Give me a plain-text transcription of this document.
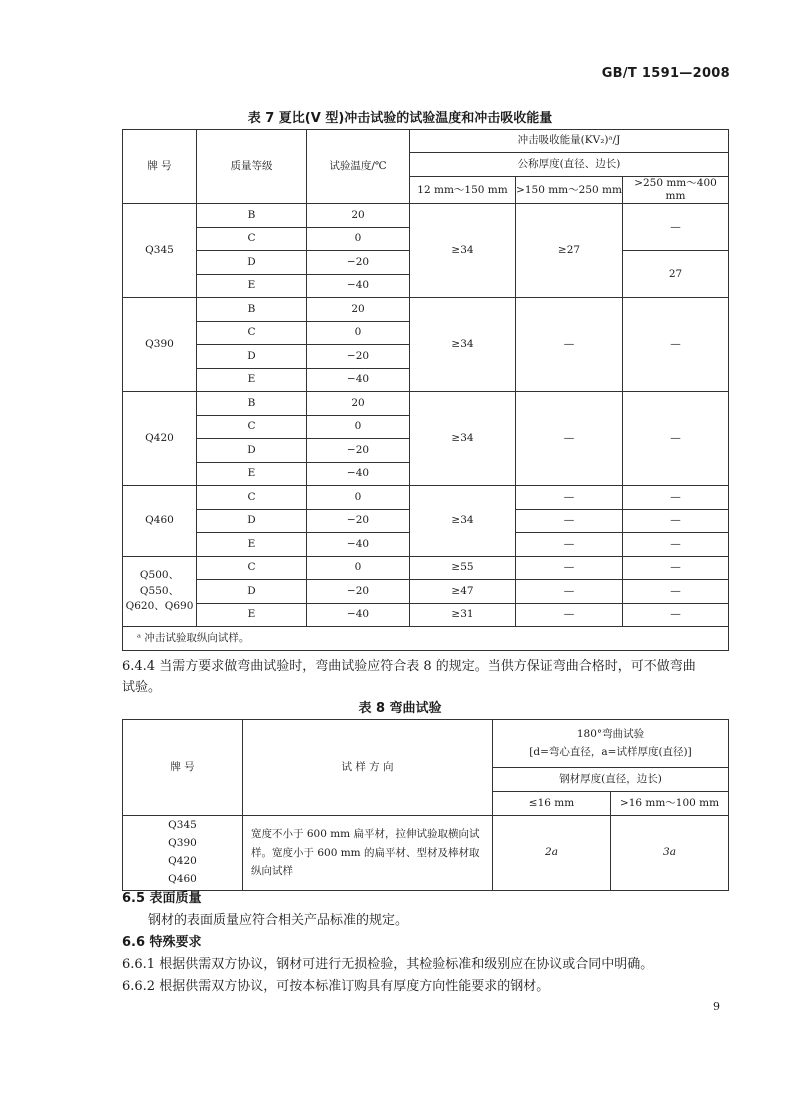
GB/T 1591—2008
表 7 夏比(V 型)冲击试验的试验温度和冲击吸收能量
牌 号	质量等级	试验温度/℃	冲击吸收能量(KV₂)ᵃ/J		
			公称厚度(直径、边长)		
			12 mm～150 mm	>150 mm～250 mm	>250 mm～400 mm
Q345	B	20	≥34	≥27	—
	C	0			
	D	−20			27
	E	−40			
Q390	B	20	≥34	—	—
	C	0			
	D	−20			
	E	−40			
Q420	B	20	≥34	—	—
	C	0			
	D	−20			
	E	−40			
Q460	C	0	≥34	—	—
	D	−20		—	—
	E	−40		—	—

Q500、Q550、
Q620、Q690	C	0	≥55	—	—
	D	−20	≥47	—	—
	E	−40	≥31	—	—
ᵃ 冲击试验取纵向试样。					
6.4.4 当需方要求做弯曲试验时，弯曲试验应符合表 8 的规定。当供方保证弯曲合格时，可不做弯曲
试验。
表 8 弯曲试验
牌 号	试 样 方 向	180°弯曲试验
[d=弯心直径，a=试样厚度(直径)]	

		钢材厚度(直径，边长)	
		≤16 mm	>16 mm～100 mm

Q345
Q390
Q420
Q460	宽度不小于 600 mm 扁平材，拉伸试验取横向试样。宽度小于 600 mm 的扁平材、型材及棒材取纵向试样	2a	3a
6.5 表面质量
钢材的表面质量应符合相关产品标准的规定。
6.6 特殊要求
6.6.1 根据供需双方协议，钢材可进行无损检验，其检验标准和级别应在协议或合同中明确。
6.6.2 根据供需双方协议，可按本标准订购具有厚度方向性能要求的钢材。
9
